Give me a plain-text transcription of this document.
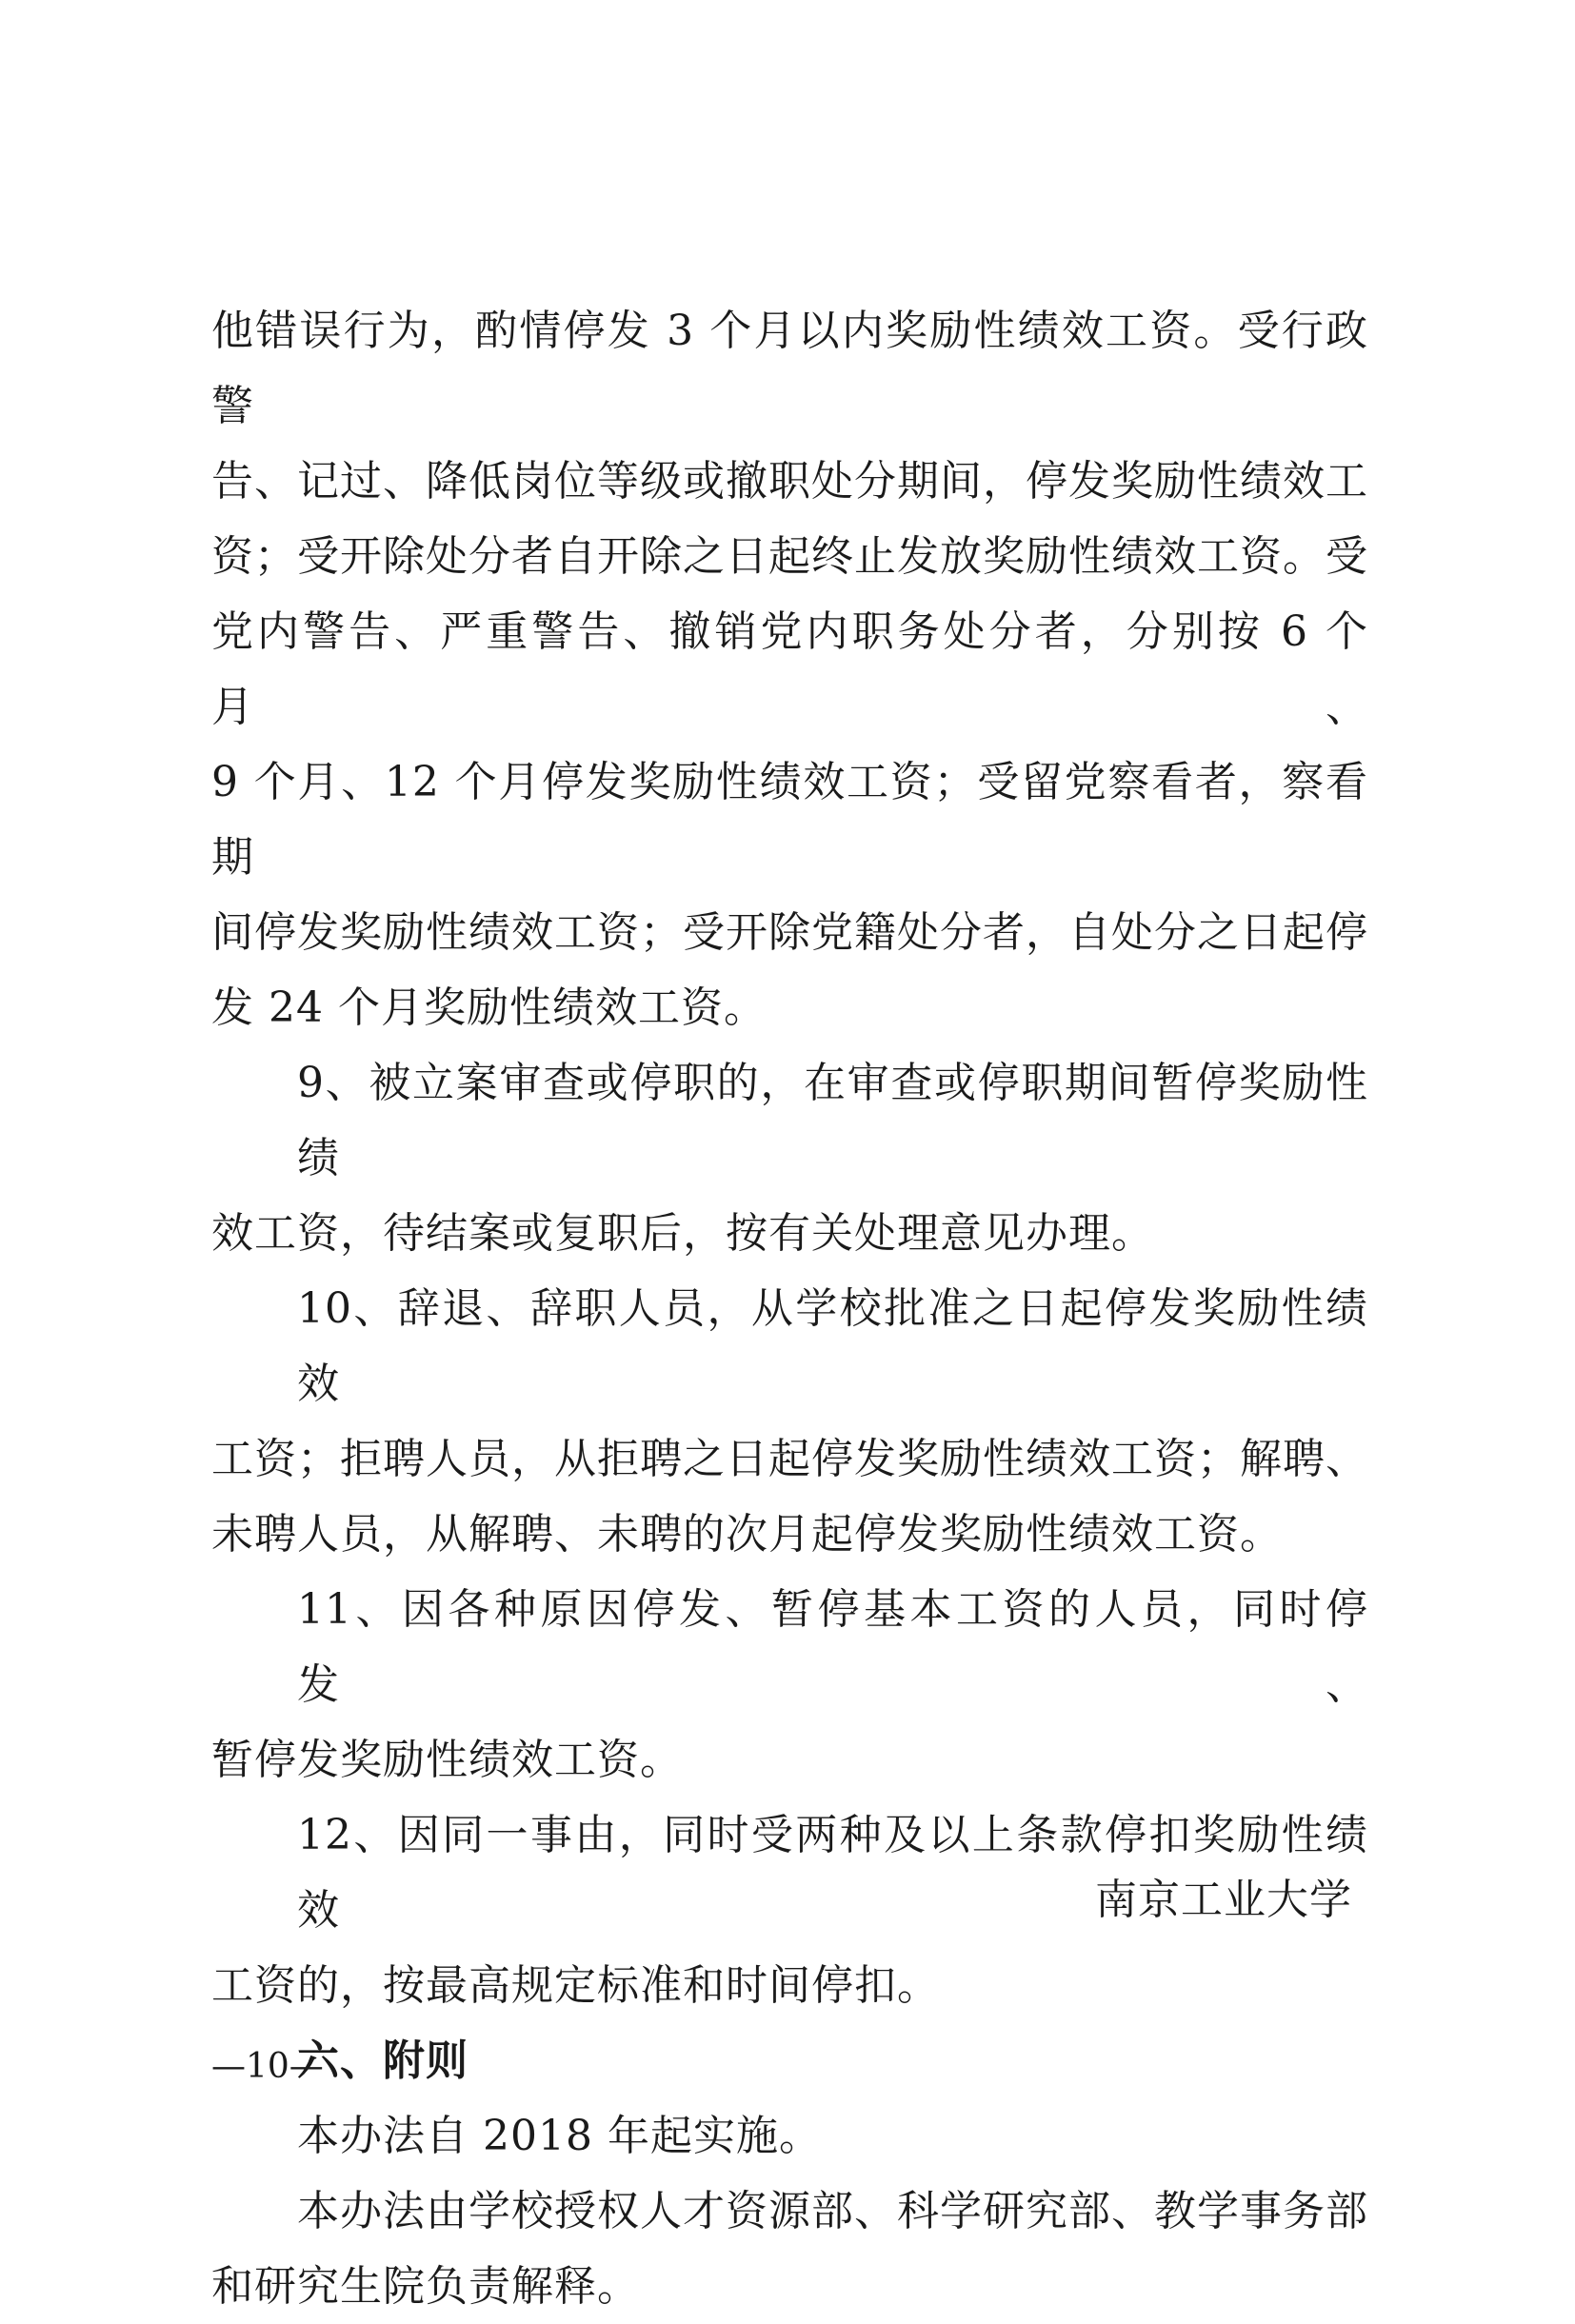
他错误行为，酌情停发 3 个月以内奖励性绩效工资。受行政警
告、记过、降低岗位等级或撤职处分期间，停发奖励性绩效工
资；受开除处分者自开除之日起终止发放奖励性绩效工资。受
党内警告、严重警告、撤销党内职务处分者，分别按 6 个月、
9 个月、12 个月停发奖励性绩效工资；受留党察看者，察看期
间停发奖励性绩效工资；受开除党籍处分者，自处分之日起停
发 24 个月奖励性绩效工资。
9、被立案审查或停职的，在审查或停职期间暂停奖励性绩
效工资，待结案或复职后，按有关处理意见办理。
10、辞退、辞职人员，从学校批准之日起停发奖励性绩效
工资；拒聘人员，从拒聘之日起停发奖励性绩效工资；解聘、
未聘人员，从解聘、未聘的次月起停发奖励性绩效工资。
11、因各种原因停发、暂停基本工资的人员，同时停发、
暂停发奖励性绩效工资。
12、因同一事由，同时受两种及以上条款停扣奖励性绩效
工资的，按最高规定标准和时间停扣。
六、附则
本办法自 2018 年起实施。
本办法由学校授权人才资源部、科学研究部、教学事务部
和研究生院负责解释。
南京工业大学
—10—
